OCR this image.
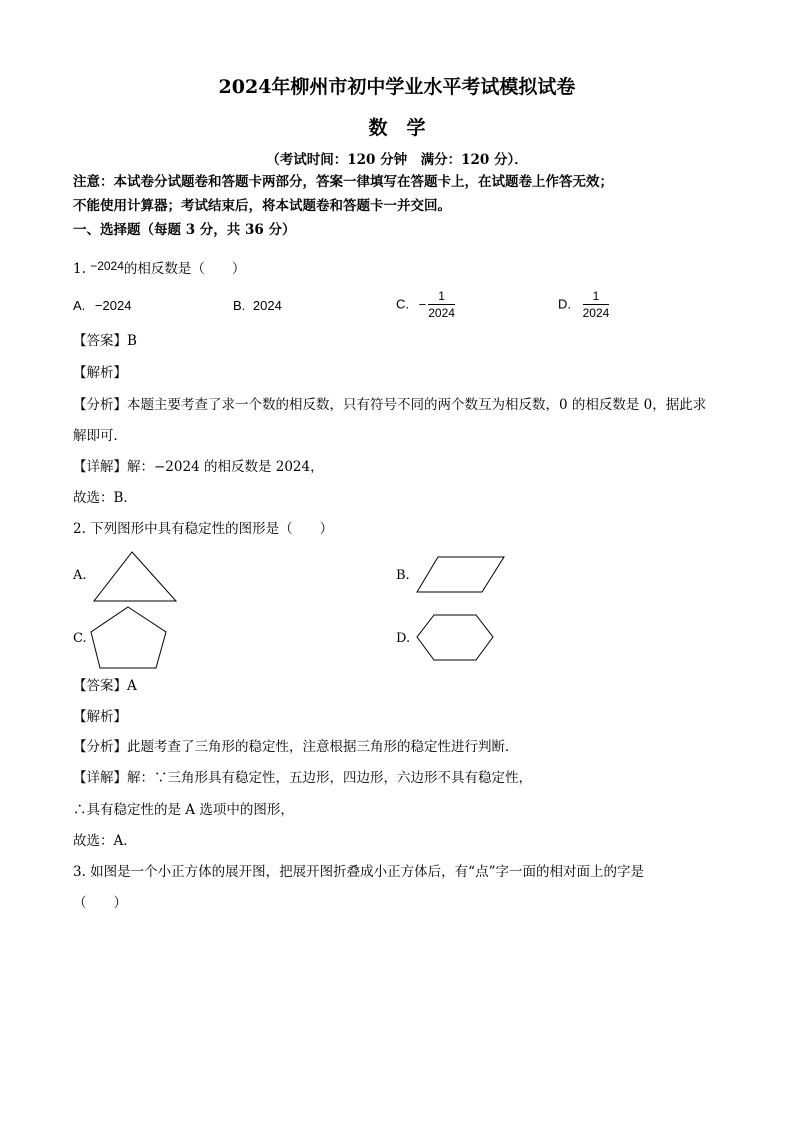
2024年柳州市初中学业水平考试模拟试卷
数　学
（考试时间：120 分钟　满分：120 分）．
注意：本试卷分试题卷和答题卡两部分，答案一律填写在答题卡上，在试题卷上作答无效；
不能使用计算器；考试结束后，将本试题卷和答题卡一并交回。
一、选择题（每题 3 分，共 36 分）
1. −2024的相反数是（　　）
A. −2024	B. 2024	C. − $\frac{1}{2024}$	D. $\frac{1}{2024}$
【答案】B
【解析】
【分析】本题主要考查了求一个数的相反数，只有符号不同的两个数互为相反数，0 的相反数是 0，据此求
解即可．
【详解】解：−2024 的相反数是 2024，
故选：B．
2. 下列图形中具有稳定性的图形是（　　）
A.	B.
C.	D.
【答案】A
【解析】
【分析】此题考查了三角形的稳定性，注意根据三角形的稳定性进行判断．
【详解】解：∵三角形具有稳定性，五边形，四边形，六边形不具有稳定性，
∴具有稳定性的是 A 选项中的图形，
故选：A．
3. 如图是一个小正方体的展开图，把展开图折叠成小正方体后，有“点”字一面的相对面上的字是
（　　）
